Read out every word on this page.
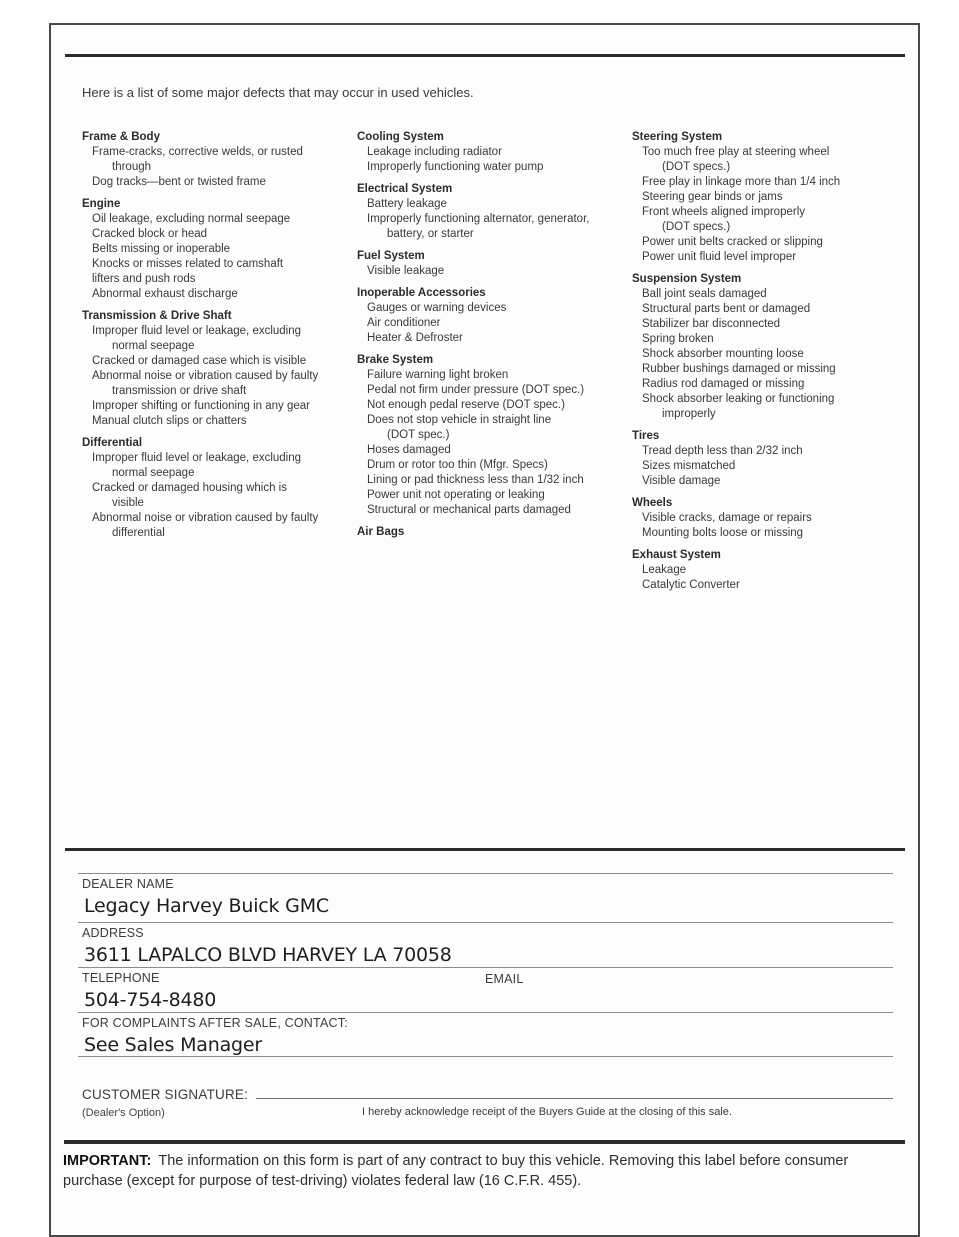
Here is a list of some major defects that may occur in used vehicles.

Frame & Body
Frame-cracks, corrective welds, or rusted
through
Dog tracks—bent or twisted frame
Engine
Oil leakage, excluding normal seepage
Cracked block or head
Belts missing or inoperable
Knocks or misses related to camshaft
lifters and push rods
Abnormal exhaust discharge
Transmission & Drive Shaft
Improper fluid level or leakage, excluding
normal seepage
Cracked or damaged case which is visible
Abnormal noise or vibration caused by faulty
transmission or drive shaft
Improper shifting or functioning in any gear
Manual clutch slips or chatters
Differential
Improper fluid level or leakage, excluding
normal seepage
Cracked or damaged housing which is
visible
Abnormal noise or vibration caused by faulty
differential
Cooling System
Leakage including radiator
Improperly functioning water pump
Electrical System
Battery leakage
Improperly functioning alternator, generator,
battery, or starter
Fuel System
Visible leakage
Inoperable Accessories
Gauges or warning devices
Air conditioner
Heater & Defroster
Brake System
Failure warning light broken
Pedal not firm under pressure (DOT spec.)
Not enough pedal reserve (DOT spec.)
Does not stop vehicle in straight line
(DOT spec.)
Hoses damaged
Drum or rotor too thin (Mfgr. Specs)
Lining or pad thickness less than 1/32 inch
Power unit not operating or leaking
Structural or mechanical parts damaged
Air Bags
Steering System
Too much free play at steering wheel
(DOT specs.)
Free play in linkage more than 1/4 inch
Steering gear binds or jams
Front wheels aligned improperly
(DOT specs.)
Power unit belts cracked or slipping
Power unit fluid level improper
Suspension System
Ball joint seals damaged
Structural parts bent or damaged
Stabilizer bar disconnected
Spring broken
Shock absorber mounting loose
Rubber bushings damaged or missing
Radius rod damaged or missing
Shock absorber leaking or functioning
improperly
Tires
Tread depth less than 2/32 inch
Sizes mismatched
Visible damage
Wheels
Visible cracks, damage or repairs
Mounting bolts loose or missing
Exhaust System
Leakage
Catalytic Converter
DEALER NAME
Legacy Harvey Buick GMC
ADDRESS
3611 LAPALCO BLVD HARVEY LA 70058
TELEPHONE	EMAIL
504-754-8480
FOR COMPLAINTS AFTER SALE, CONTACT:
See Sales Manager
CUSTOMER SIGNATURE:
(Dealer's Option)	I hereby acknowledge receipt of the Buyers Guide at the closing of this sale.

IMPORTANT: The information on this form is part of any contract to buy this vehicle. Removing this label before consumer purchase (except for purpose of test-driving) violates federal law (16 C.F.R. 455).
